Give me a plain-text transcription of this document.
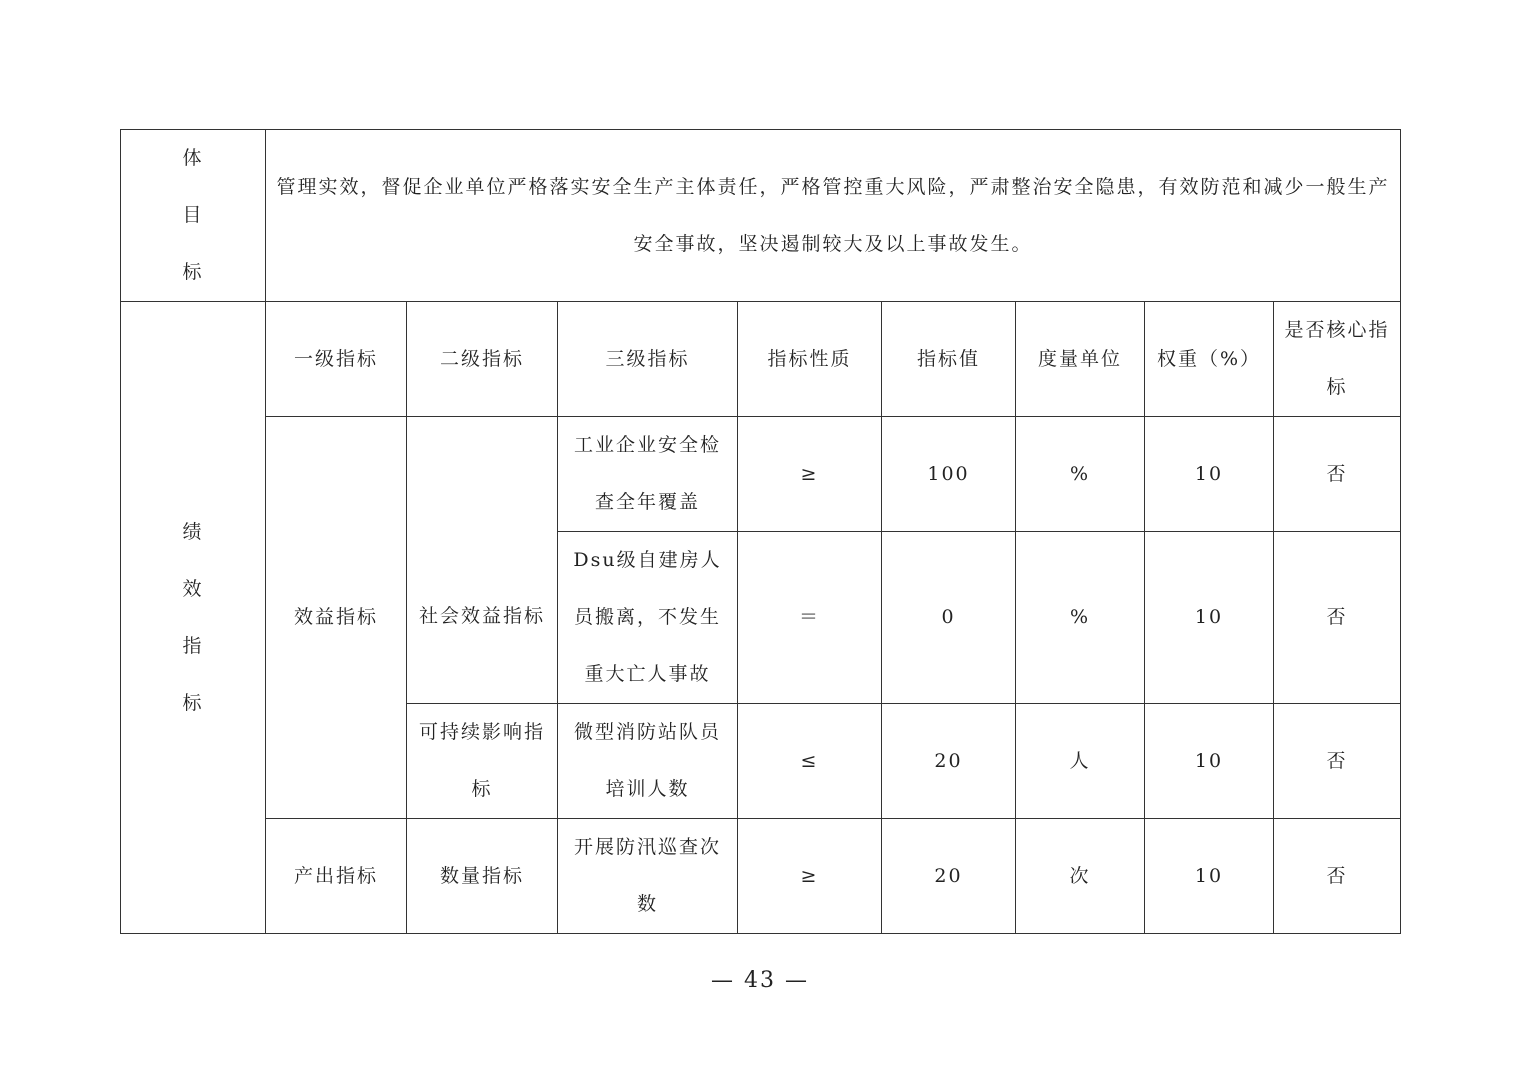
体
目
标	管理实效，督促企业单位严格落实安全生产主体责任，严格管控重大风险，严肃整治安全隐患，有效防范和减少一般生产安全事故，坚决遏制较大及以上事故发生。							

绩
效
指
标	一级指标	二级指标	三级指标	指标性质	指标值	度量单位	权重（%）	是否核心指标
	效益指标	社会效益指标	工业企业安全检查全年覆盖	≥	100	%	10	否
			Dsu级自建房人员搬离，不发生重大亡人事故	＝	0	%	10	否
		可持续影响指标	微型消防站队员培训人数	≤	20	人	10	否
	产出指标	数量指标	开展防汛巡查次数	≥	20	次	10	否
— 43 —
